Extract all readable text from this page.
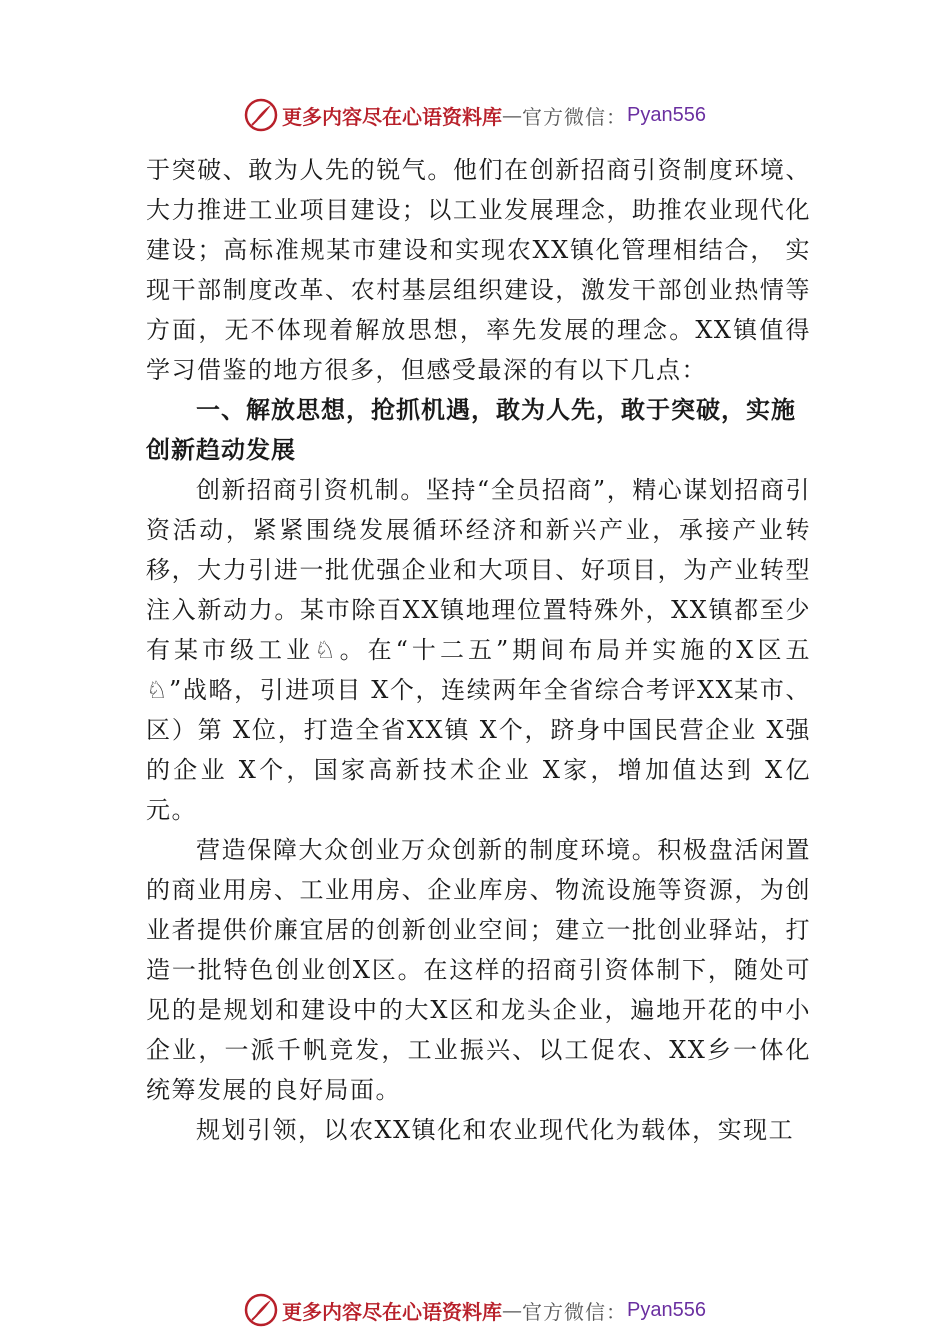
更多内容尽在心语资料库 — 官方微信： Pyan556

于突破、敢为人先的锐气。他们在创新招商引资制度环境、 大力推进工业项目建设；以工业发展理念，助推农业现代化建设；高标准规某市建设和实现农XX镇化管理相结合， 实现干部制度改革、农村基层组织建设，激发干部创业热情等方面，无不体现着解放思想，率先发展的理念。XX镇值得学习借鉴的地方很多，但感受最深的有以下几点：

一、解放思想，抢抓机遇，敢为人先，敢于突破，实施创新趋动发展

创新招商引资机制。坚持“全员招商”，精心谋划招商引资活动，紧紧围绕发展循环经济和新兴产业，承接产业转移，大力引进一批优强企业和大项目、好项目，为产业转型注入新动力。某市除百XX镇地理位置特殊外，XX镇都至少有某市级工业♘。在“十二五”期间布局并实施的X区五♘”战略，引进项目 X个，连续两年全省综合考评XX某市、区）第 X位，打造全省XX镇 X个，跻身中国民营企业 X强的企业 X个，国家高新技术企业 X家，增加值达到 X亿元。

营造保障大众创业万众创新的制度环境。积极盘活闲置的商业用房、工业用房、企业库房、物流设施等资源，为创业者提供价廉宜居的创新创业空间；建立一批创业驿站，打造一批特色创业创X区。在这样的招商引资体制下，随处可见的是规划和建设中的大X区和龙头企业，遍地开花的中小企业，一派千帆竞发，工业振兴、以工促农、XX乡一体化统筹发展的良好局面。

规划引领，以农XX镇化和农业现代化为载体，实现工

更多内容尽在心语资料库 — 官方微信： Pyan556
